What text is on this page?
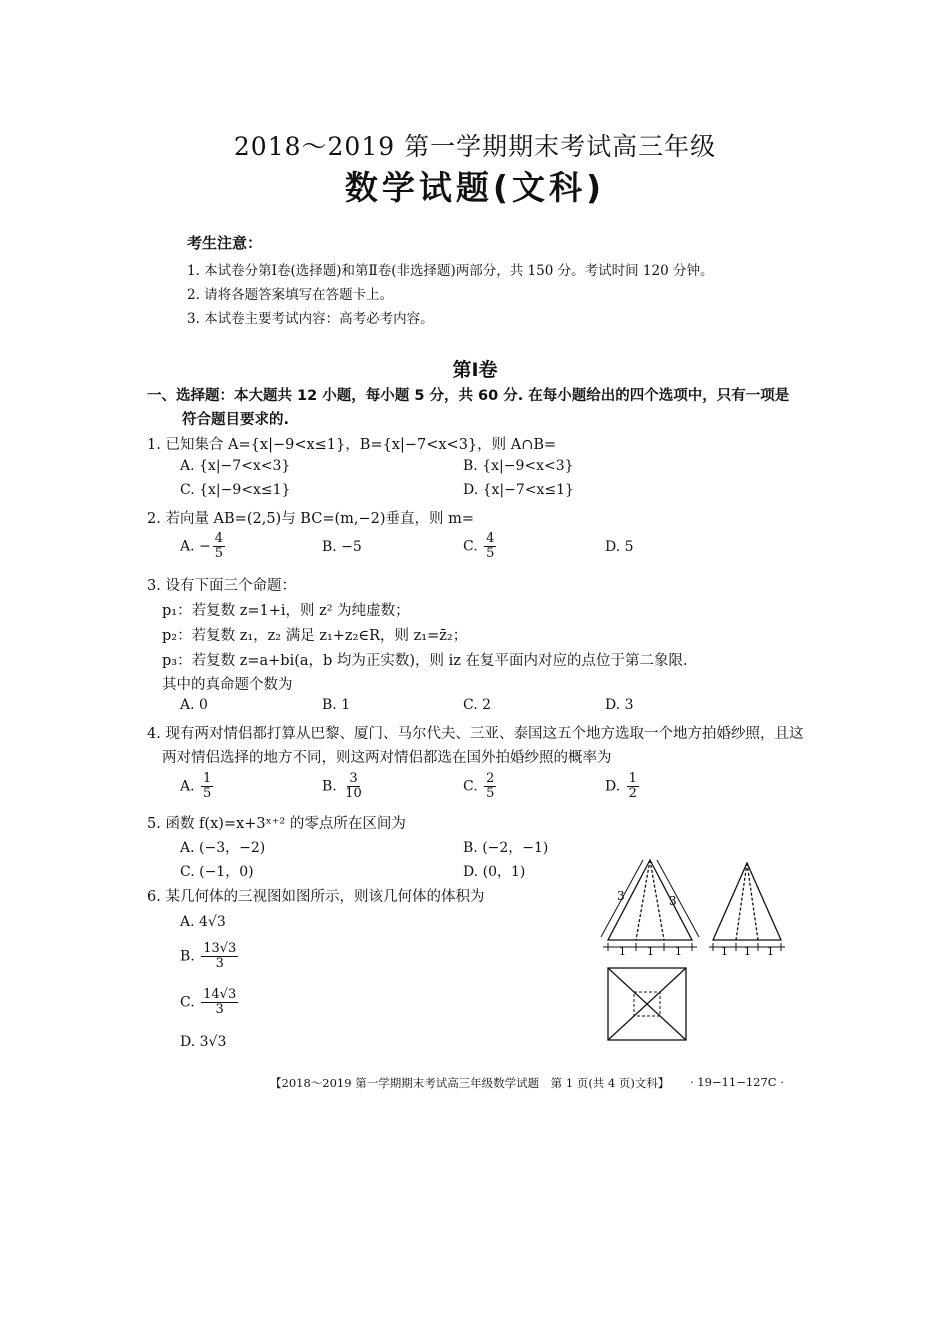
2018～2019 第一学期期末考试高三年级
数学试题(文科)
考生注意：
1. 本试卷分第Ⅰ卷(选择题)和第Ⅱ卷(非选择题)两部分，共 150 分。考试时间 120 分钟。
2. 请将各题答案填写在答题卡上。
3. 本试卷主要考试内容：高考必考内容。
第Ⅰ卷
一、选择题：本大题共 12 小题，每小题 5 分，共 60 分. 在每小题给出的四个选项中，只有一项是
符合题目要求的.
1. 已知集合 A={x|−9<x≤1}，B={x|−7<x<3}，则 A∩B=
A. {x|−7<x<3}	B. {x|−9<x<3}
C. {x|−9<x≤1}	D. {x|−7<x≤1}
2. 若向量 AB=(2,5)与 BC=(m,−2)垂直，则 m=
A. − $\frac{4}{5}$	B. −5	C. $\frac{4}{5}$	D. 5
3. 设有下面三个命题：
p₁：若复数 z=1+i，则 z² 为纯虚数；
p₂：若复数 z₁，z₂ 满足 z₁+z₂∈R，则 z₁=z̄₂；
p₃：若复数 z=a+bi(a，b 均为正实数)，则 iz 在复平面内对应的点位于第二象限.
其中的真命题个数为
A. 0	B. 1	C. 2	D. 3
4. 现有两对情侣都打算从巴黎、厦门、马尔代夫、三亚、泰国这五个地方选取一个地方拍婚纱照，且这
两对情侣选择的地方不同，则这两对情侣都选在国外拍婚纱照的概率为
A. $\frac{1}{5}$	B. $\frac{3}{10}$	C. $\frac{2}{5}$	D. $\frac{1}{2}$
5. 函数 f(x)=x+3ˣ⁺² 的零点所在区间为
A. (−3，−2)	B. (−2，−1)
C. (−1，0)	D. (0，1)
6. 某几何体的三视图如图所示，则该几何体的体积为
A. 4√3
B. $\frac{13√3}{3}$
C. $\frac{14√3}{3}$
D. 3√3
3	3
1 1 1	1 1 1
【2018～2019 第一学期期末考试高三年级数学试题　第 1 页(共 4 页)文科】 · 19−11−127C ·
